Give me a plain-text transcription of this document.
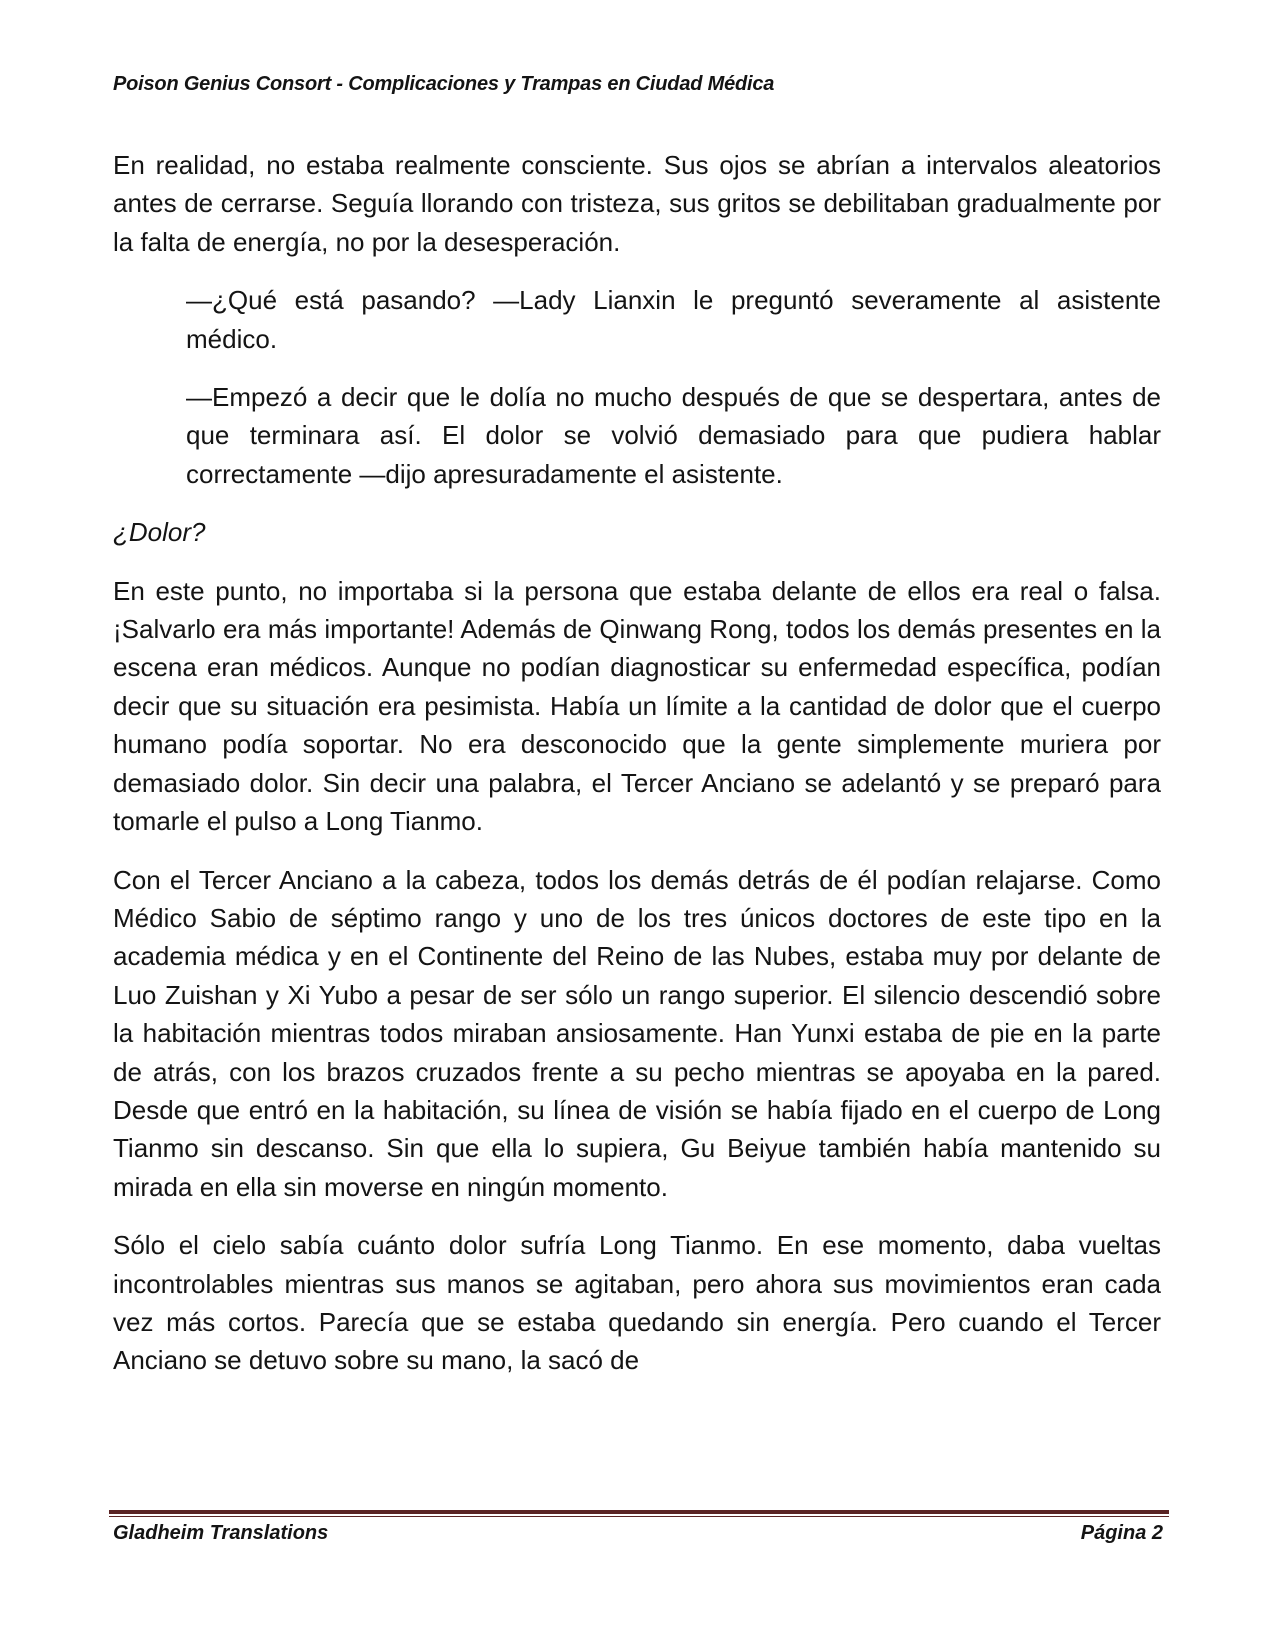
Poison Genius Consort - Complicaciones y Trampas en Ciudad Médica

En realidad, no estaba realmente consciente. Sus ojos se abrían a intervalos aleatorios antes de cerrarse. Seguía llorando con tristeza, sus gritos se debilitaban gradualmente por la falta de energía, no por la desesperación.

—¿Qué está pasando? —Lady Lianxin le preguntó severamente al asistente médico.

—Empezó a decir que le dolía no mucho después de que se despertara, antes de que terminara así. El dolor se volvió demasiado para que pudiera hablar correctamente —dijo apresuradamente el asistente.

¿Dolor?

En este punto, no importaba si la persona que estaba delante de ellos era real o falsa. ¡Salvarlo era más importante! Además de Qinwang Rong, todos los demás presentes en la escena eran médicos. Aunque no podían diagnosticar su enfermedad específica, podían decir que su situación era pesimista. Había un límite a la cantidad de dolor que el cuerpo humano podía soportar. No era desconocido que la gente simplemente muriera por demasiado dolor. Sin decir una palabra, el Tercer Anciano se adelantó y se preparó para tomarle el pulso a Long Tianmo.

Con el Tercer Anciano a la cabeza, todos los demás detrás de él podían relajarse. Como Médico Sabio de séptimo rango y uno de los tres únicos doctores de este tipo en la academia médica y en el Continente del Reino de las Nubes, estaba muy por delante de Luo Zuishan y Xi Yubo a pesar de ser sólo un rango superior. El silencio descendió sobre la habitación mientras todos miraban ansiosamente. Han Yunxi estaba de pie en la parte de atrás, con los brazos cruzados frente a su pecho mientras se apoyaba en la pared. Desde que entró en la habitación, su línea de visión se había fijado en el cuerpo de Long Tianmo sin descanso. Sin que ella lo supiera, Gu Beiyue también había mantenido su mirada en ella sin moverse en ningún momento.

Sólo el cielo sabía cuánto dolor sufría Long Tianmo. En ese momento, daba vueltas incontrolables mientras sus manos se agitaban, pero ahora sus movimientos eran cada vez más cortos. Parecía que se estaba quedando sin energía. Pero cuando el Tercer Anciano se detuvo sobre su mano, la sacó de

Gladheim Translations	Página 2
